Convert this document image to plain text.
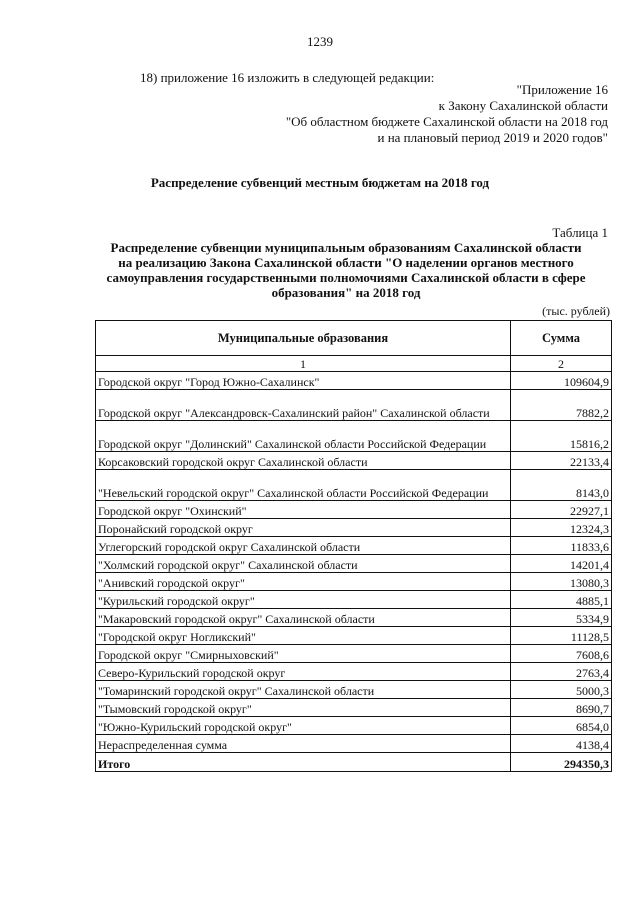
1239
18) приложение 16 изложить в следующей редакции:
"Приложение 16
к Закону Сахалинской области
"Об областном бюджете Сахалинской области на 2018 год
и на плановый период 2019 и 2020 годов"
Распределение субвенций местным бюджетам на 2018 год
Таблица 1
Распределение субвенции муниципальным образованиям Сахалинской области
на реализацию Закона Сахалинской области "О наделении органов местного
самоуправления государственными полномочиями Сахалинской области в сфере
образования" на 2018 год
(тыс. рублей)
Муниципальные образования	Сумма
1	2
Городской округ "Город Южно-Сахалинск"	109604,9
Городской округ "Александровск-Сахалинский район" Сахалинской области	7882,2
Городской округ "Долинский" Сахалинской области Российской Федерации	15816,2
Корсаковский городской округ Сахалинской области	22133,4
"Невельский городской округ" Сахалинской области Российской Федерации	8143,0
Городской округ "Охинский"	22927,1
Поронайский городской округ	12324,3
Углегорский городской округ Сахалинской области	11833,6
"Холмский городской округ" Сахалинской области	14201,4
"Анивский городской округ"	13080,3
"Курильский городской округ"	4885,1
"Макаровский городской округ" Сахалинской области	5334,9
"Городской округ Ногликский"	11128,5
Городской округ "Смирныховский"	7608,6
Северо-Курильский городской округ	2763,4
"Томаринский городской округ" Сахалинской области	5000,3
"Тымовский городской округ"	8690,7
"Южно-Курильский городской округ"	6854,0
Нераспределенная сумма	4138,4
Итого	294350,3
